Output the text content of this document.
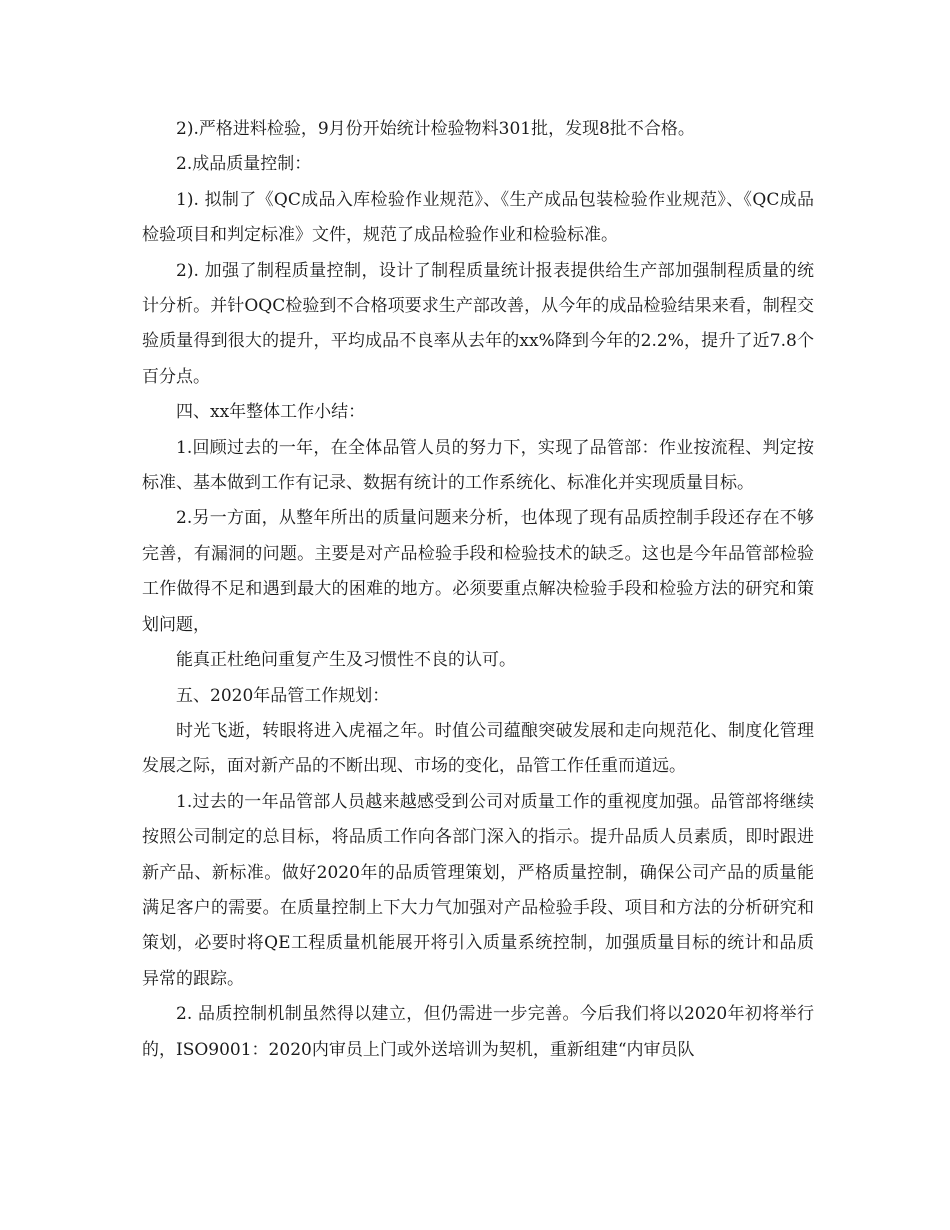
2).严格进料检验，9月份开始统计检验物料301批，发现8批不合格。

2.成品质量控制：

1). 拟制了《QC成品入库检验作业规范》、《生产成品包装检验作业规范》、《QC成品检验项目和判定标准》文件，规范了成品检验作业和检验标准。

2). 加强了制程质量控制，设计了制程质量统计报表提供给生产部加强制程质量的统计分析。并针OQC检验到不合格项要求生产部改善，从今年的成品检验结果来看，制程交验质量得到很大的提升，平均成品不良率从去年的xx%降到今年的2.2%，提升了近7.8个百分点。

四、xx年整体工作小结：

1.回顾过去的一年，在全体品管人员的努力下，实现了品管部：作业按流程、判定按标准、基本做到工作有记录、数据有统计的工作系统化、标准化并实现质量目标。

2.另一方面，从整年所出的质量问题来分析，也体现了现有品质控制手段还存在不够完善，有漏洞的问题。主要是对产品检验手段和检验技术的缺乏。这也是今年品管部检验工作做得不足和遇到最大的困难的地方。必须要重点解决检验手段和检验方法的研究和策划问题，

能真正杜绝问重复产生及习惯性不良的认可。

五、2020年品管工作规划：

时光飞逝，转眼将进入虎福之年。时值公司蕴酿突破发展和走向规范化、制度化管理发展之际，面对新产品的不断出现、市场的变化，品管工作任重而道远。

1.过去的一年品管部人员越来越感受到公司对质量工作的重视度加强。品管部将继续按照公司制定的总目标，将品质工作向各部门深入的指示。提升品质人员素质，即时跟进新产品、新标准。做好2020年的品质管理策划，严格质量控制，确保公司产品的质量能满足客户的需要。在质量控制上下大力气加强对产品检验手段、项目和方法的分析研究和策划，必要时将QE工程质量机能展开将引入质量系统控制，加强质量目标的统计和品质异常的跟踪。

2. 品质控制机制虽然得以建立，但仍需进一步完善。今后我们将以2020年初将举行的，ISO9001：2020内审员上门或外送培训为契机，重新组建“内审员队
